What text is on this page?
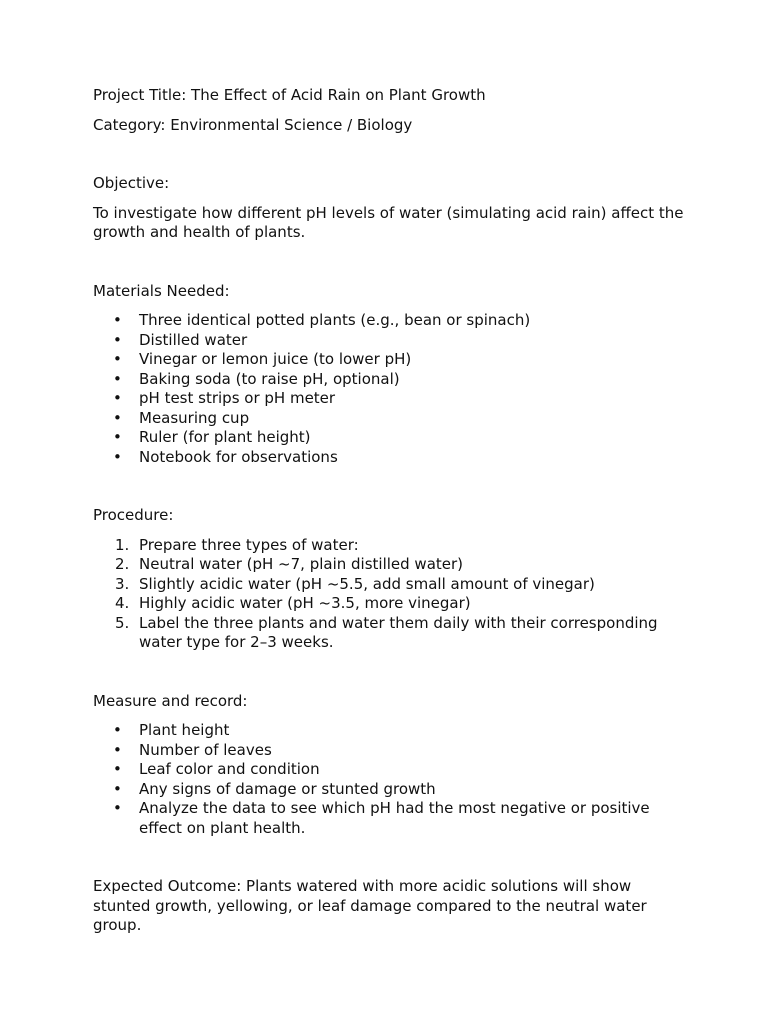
Project Title: The Effect of Acid Rain on Plant Growth

Category: Environmental Science / Biology

Objective:

To investigate how different pH levels of water (simulating acid rain) affect the growth and health of plants.

Materials Needed:

• Three identical potted plants (e.g., bean or spinach)
• Distilled water
• Vinegar or lemon juice (to lower pH)
• Baking soda (to raise pH, optional)
• pH test strips or pH meter
• Measuring cup
• Ruler (for plant height)
• Notebook for observations

Procedure:

1. Prepare three types of water:
2. Neutral water (pH ~7, plain distilled water)
3. Slightly acidic water (pH ~5.5, add small amount of vinegar)
4. Highly acidic water (pH ~3.5, more vinegar)
5. Label the three plants and water them daily with their corresponding water type for 2–3 weeks.

Measure and record:

• Plant height
• Number of leaves
• Leaf color and condition
• Any signs of damage or stunted growth
• Analyze the data to see which pH had the most negative or positive effect on plant health.

Expected Outcome: Plants watered with more acidic solutions will show stunted growth, yellowing, or leaf damage compared to the neutral water group.
